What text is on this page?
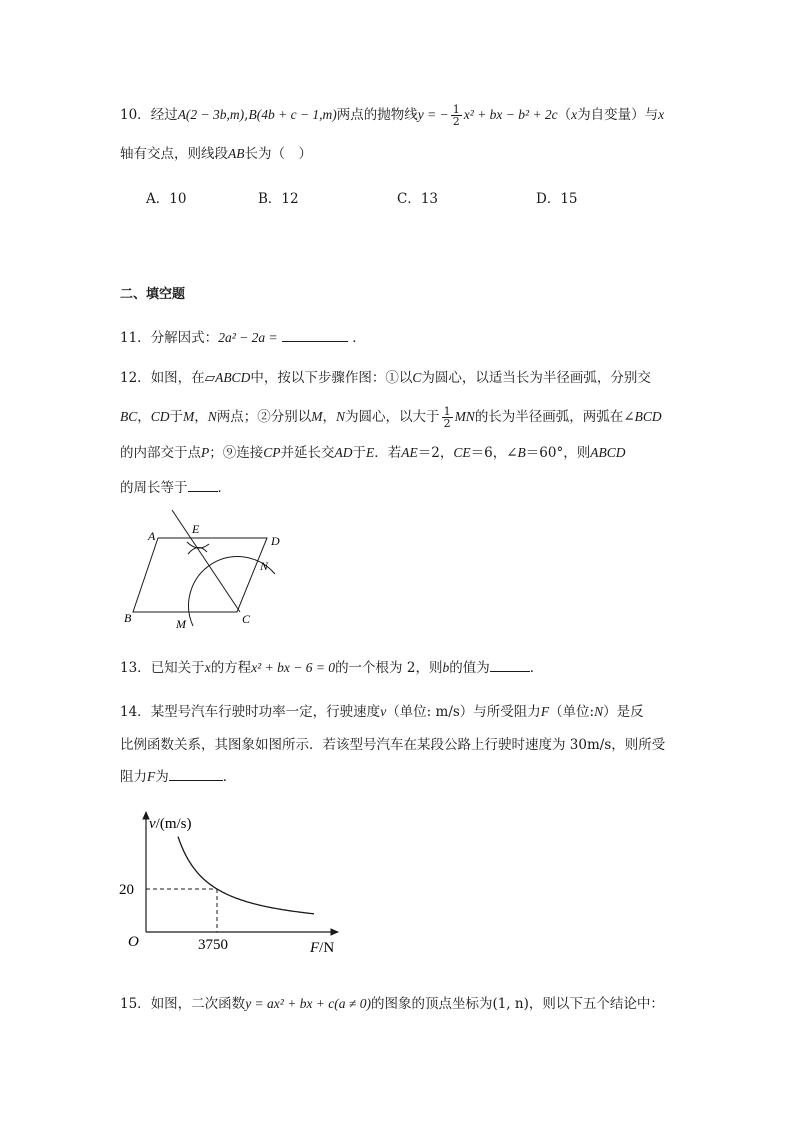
10．经过A(2 − 3b,m),B(4b + c − 1,m)两点的抛物线y = − $\frac{1}{2} x^2$ + bx − b² + 2c（x为自变量）与x
轴有交点，则线段AB长为（　）
A．10	B．12	C．13	D．15
二、填空题
11．分解因式：2a² − 2a =	．
12．如图，在▱ABCD中，按以下步骤作图：①以C为圆心，以适当长为半径画弧，分别交
BC，CD于M，N两点；②分别以M，N为圆心，以大于 $\frac{1}{2}$ MN的长为半径画弧，两弧在∠BCD
的内部交于点P；⑨连接CP并延长交AD于E．若AE＝2，CE＝6，∠B＝60°，则ABCD
的周长等于 ．
A	E
D
N
B	M	C
13．已知关于x的方程x² + bx − 6 = 0的一个根为 2，则b的值为	．
14．某型号汽车行驶时功率一定，行驶速度v（单位: m/s）与所受阻力F（单位:N）是反
比例函数关系，其图象如图所示．若该型号汽车在某段公路上行驶时速度为 30m/s，则所受
阻力F为	．
v/(m/s)
F/N
O
20
3750
15．如图，二次函数y = ax² + bx + c(a ≠ 0)的图象的顶点坐标为(1, n)，则以下五个结论中：
